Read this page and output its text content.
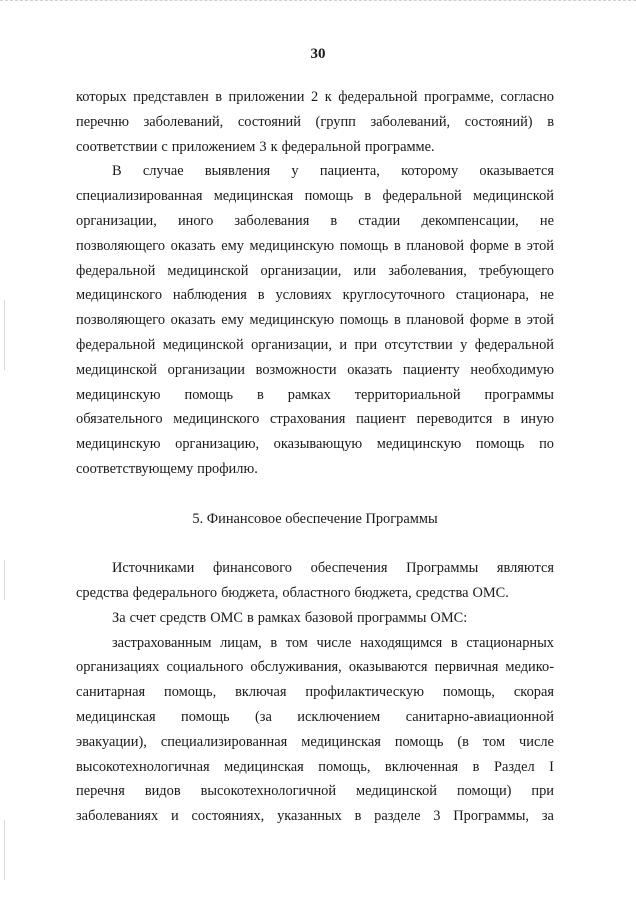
30
которых представлен в приложении 2 к федеральной программе, согласно
перечню заболеваний, состояний (групп заболеваний, состояний) в
соответствии с приложением 3 к федеральной программе.
В случае выявления у пациента, которому оказывается
специализированная медицинская помощь в федеральной медицинской
организации, иного заболевания в стадии декомпенсации, не
позволяющего оказать ему медицинскую помощь в плановой форме в этой
федеральной медицинской организации, или заболевания, требующего
медицинского наблюдения в условиях круглосуточного стационара, не
позволяющего оказать ему медицинскую помощь в плановой форме в этой
федеральной медицинской организации, и при отсутствии у федеральной
медицинской организации возможности оказать пациенту необходимую
медицинскую помощь в рамках территориальной программы
обязательного медицинского страхования пациент переводится в иную
медицинскую организацию, оказывающую медицинскую помощь по
соответствующему профилю.
5. Финансовое обеспечение Программы
Источниками финансового обеспечения Программы являются
средства федерального бюджета, областного бюджета, средства ОМС.
За счет средств ОМС в рамках базовой программы ОМС:
застрахованным лицам, в том числе находящимся в стационарных
организациях социального обслуживания, оказываются первичная медико-
санитарная помощь, включая профилактическую помощь, скорая
медицинская помощь (за исключением санитарно-авиационной
эвакуации), специализированная медицинская помощь (в том числе
высокотехнологичная медицинская помощь, включенная в Раздел I
перечня видов высокотехнологичной медицинской помощи) при
заболеваниях и состояниях, указанных в разделе 3 Программы, за
